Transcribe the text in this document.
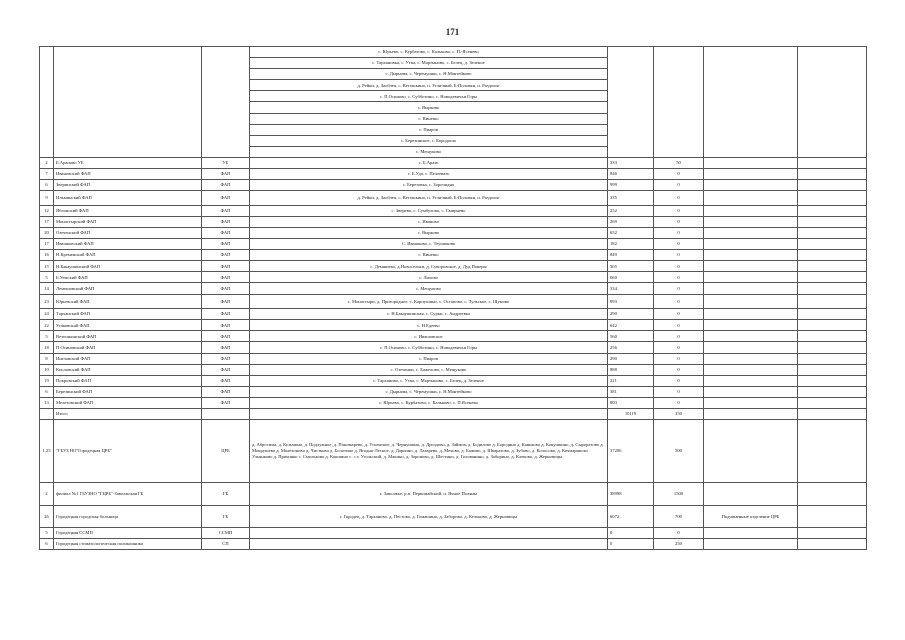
171
			с. Юрьево, с. Курбатово, с. Кальково, с. П.-Ясенево				
			с. Тархановка, с. Утка, с. Мартыново, с. Белец, д. Зеленое				
			с. Дырнова, с. Черемушки, с. Н.Мантейково				
			д. Рейки, д. Заоблея, с. Ветошкино, п. Угличный, Б-Половки, п. Раздолье				
			с. П.Осиново, с. Субботино, с. Новодевичьи Горы				
			с. Вырково				
			с. Кинешо				
			с. Пиаров				
			с. Березинское, с. Бородошо				
			с. Мещуково				
2	Б.Арапово УБ	УБ	с. Б.Арать	333	50		
7	Ивановский ФАП	ФАП	с. Б.Уда, с. Пелеевать	846	0		
6	Зверинский ФАП	ФАП	с. Березовка, с. Зорочидно	999	0		
9	Ильминский ФАП	ФАП	д. Рейки, д. Заоблея, с. Ветошкино, п. Угличный, Б-Половки, п. Раздолье	335	0		
12	Яблонский ФАП	ФАП	с. Зверево, с. Сумбулово, с. Смирнево	252	0		
17	Монастырский ФАП	ФАП	с. Иваново	269	0		
20	Озеченский ФАП	ФАП	с. Вырково	652	0		
17	Ивашковский ФАП	ФАП	С. Ивашково, с. Теушиково	182	0		
16	Н.Кременский ФАП	ФАП	с. Кинешо	849	0		
15	Н.Бакаушинский ФАП	ФАП	с. Демяшево, д.Новосельки, д. Суворовское, д. Дуд.Поверы	305	0		
5	Б.Уемский ФАП	ФАП	с. Лихово	060	0		
14	Лемешовский ФАП	ФАП	с. Мещуково	334	0		
23	Юрьевский ФАП	ФАП	с. Монастыри, д. Пригородное, с. Карпушино, с. Остапово, с. Тульское, с. Шумово	993	0		
24	Тарханский ФАП	ФАП	с. Н.Бакаушинская, с. Сурки, с. Андреевка	290	0		
22	Усаковский ФАП	ФАП	с. Н.Едеево	642	0		
5	Ветошкинский ФАП	ФАП	с. Ивашовское	560	0		
18	П.Осиновский ФАП	ФАП	с. П.Осиново, с. Субботино, с. Новодевичьи Горы	256	0		
8	Ингловский ФАП	ФАП	с. Пиаров	290	0		
10	Кисловский ФАП	ФАП	с. Озеченки, с. Бажелово, с. Мещуково	888	0		
19	Покровский ФАП	ФАП	с. Тарханово, с. Утка, с. Мартыново, с. Белец, д. Зеленое	221	0		
6	Березинский ФАП	ФАП	с. Дырнова, с. Черемушки, с. Н.Мантейково	381	0		
13	Мелеховский ФАП	ФАП	с. Юрьево, с. Курбатово, с. Кальково, с. П.Ясенево	803	0		
	Итого			10119	350		
1.25	"ГБУЗ НО"Городецкая ЦРБ"	ЦРБ	д. Абросима, д. Кузьмино, д. Подлужное, д. Пономарево, д. Успенское, д. Чернушино, д. Дроздово, д. Займов, д. Бодилово д. Бородино д. Каньково д. Кокушкино, д. Сырорезово д. Мокрушево д. Малехоново д. Чистково д. Болотино д. Ягодно-Лесное, д. Дарьино, д. Лазарево, д. Мехово, д. Быково, д. Шкаратово, д. Зубово, д. Колосово, д. Кочмаринско Ульянково д. Пряхинко с. Смольково д. Кокшино с. с.т. Угольский, д. Макино, д. Зароново, д. Шестино, д. Голованино, д. Заборино, д. Клеково, д. Жерновицы	37206	500		
2	филиал №1 ГБУЗНО "ГЦРБ"-Заволжская ГБ	ГБ	г. Заволжье, р.п. Первомайский, п. Ячное Поляны	38998	1500		
26	Городецкая городская больница	ГБ	г. Городец, д. Тарханово, д. Пестово, д. Гомашино, д. Заборово, д. Кельково, д. Жерновицы	6072	700	Подчиненные отделение ЦРБ	
5	Городецкая ССМП	ССМП		0	0		
6	Городецкая стоматологическая поликлиника	СП		0	250		
